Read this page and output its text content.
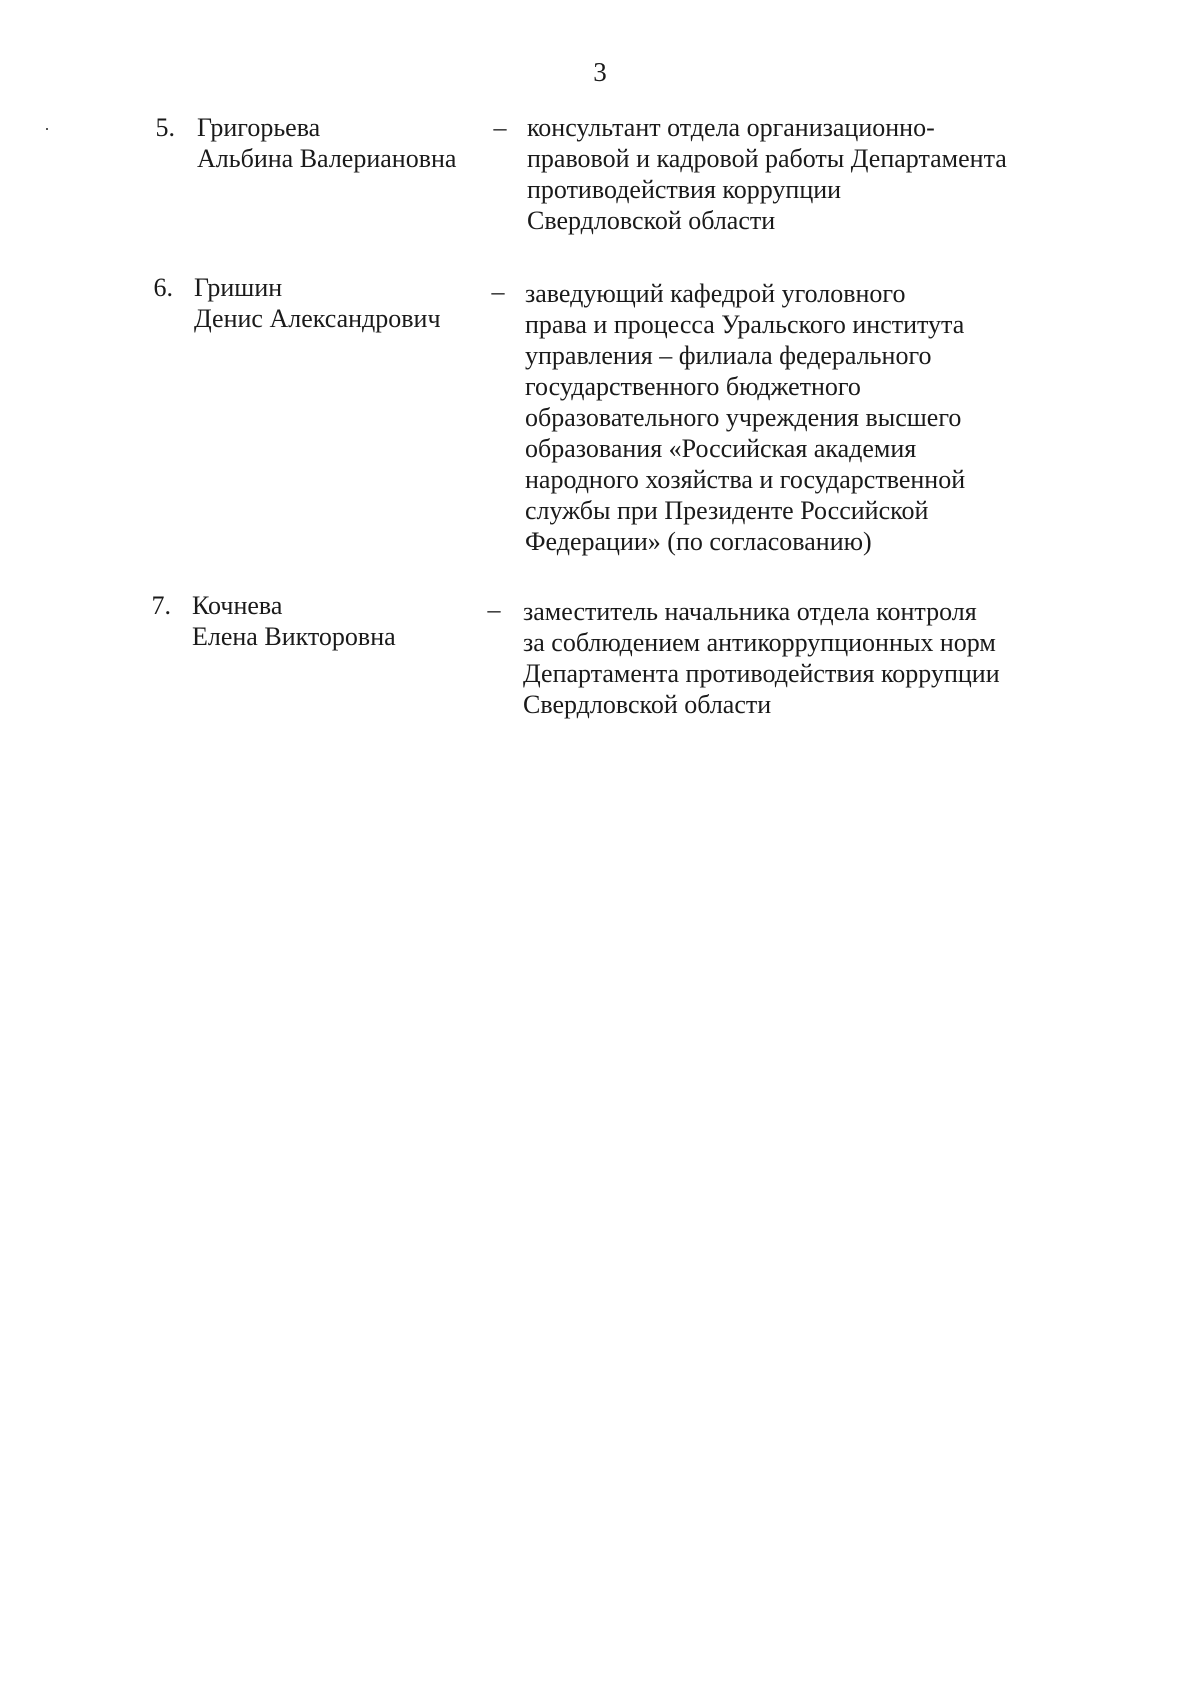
3
5. Григорьева
Альбина Валериановна
– консультант отдела организационно-
правовой и кадровой работы Департамента
противодействия коррупции
Свердловской области
6. Гришин
Денис Александрович
– заведующий кафедрой уголовного
права и процесса Уральского института
управления – филиала федерального
государственного бюджетного
образовательного учреждения высшего
образования «Российская академия
народного хозяйства и государственной
службы при Президенте Российской
Федерации» (по согласованию)
7. Кочнева
Елена Викторовна
– заместитель начальника отдела контроля
за соблюдением антикоррупционных норм
Департамента противодействия коррупции
Свердловской области
